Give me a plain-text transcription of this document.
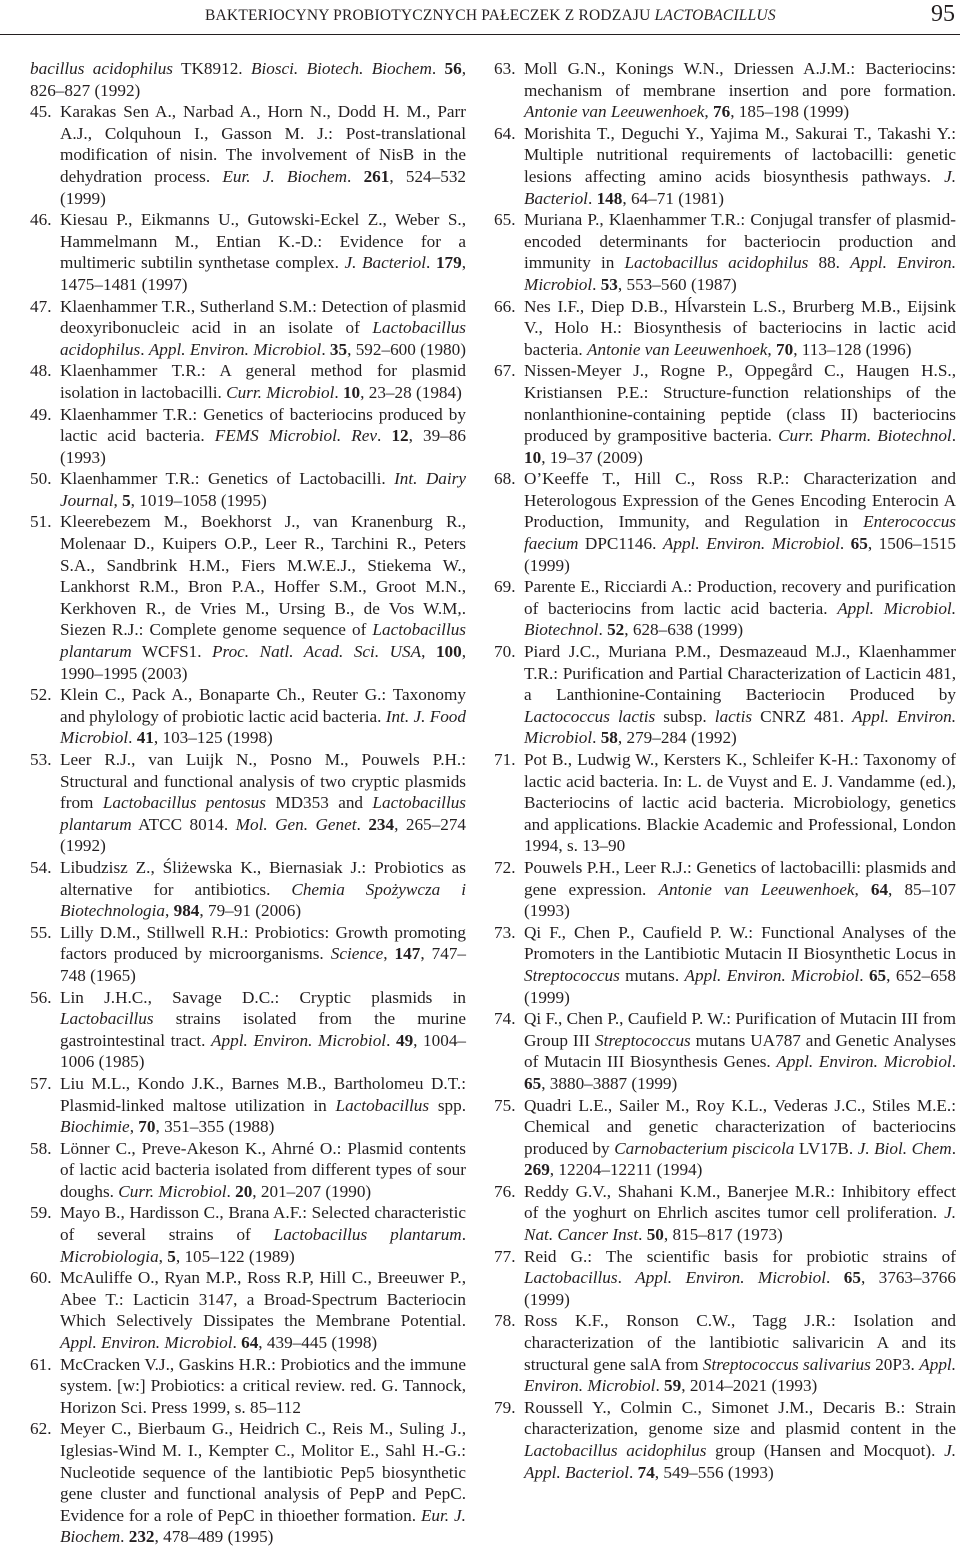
BAKTERIOCYNY PROBIOTYCZNYCH PAŁECZEK Z RODZAJU LACTOBACILLUS	95
bacillus acidophilus TK8912. Biosci. Biotech. Biochem. 56, 826–827 (1992)
45. Karakas Sen A., Narbad A., Horn N., Dodd H. M., Parr A.J., Colquhoun I., Gasson M. J.: Post-translational modification of nisin. The involvement of NisB in the dehydration process. Eur. J. Biochem. 261, 524–532 (1999)
46. Kiesau P., Eikmanns U., Gutowski-Eckel Z., Weber S., Hammelmann M., Entian K.-D.: Evidence for a multimeric subtilin synthetase complex. J. Bacteriol. 179, 1475–1481 (1997)
47. Klaenhammer T.R., Sutherland S.M.: Detection of plasmid deoxyribonucleic acid in an isolate of Lactobacillus acidophilus. Appl. Environ. Microbiol. 35, 592–600 (1980)
48. Klaenhammer T.R.: A general method for plasmid isolation in lactobacilli. Curr. Microbiol. 10, 23–28 (1984)
49. Klaenhammer T.R.: Genetics of bacteriocins produced by lactic acid bacteria. FEMS Microbiol. Rev. 12, 39–86 (1993)
50. Klaenhammer T.R.: Genetics of Lactobacilli. Int. Dairy Journal, 5, 1019–1058 (1995)
51. Kleerebezem M., Boekhorst J., van Kranenburg R., Molenaar D., Kuipers O.P., Leer R., Tarchini R., Peters S.A., Sandbrink H.M., Fiers M.W.E.J., Stiekema W., Lankhorst R.M., Bron P.A., Hoffer S.M., Groot M.N., Kerkhoven R., de Vries M., Ursing B., de Vos W.M,. Siezen R.J.: Complete genome sequence of Lactobacillus plantarum WCFS1. Proc. Natl. Acad. Sci. USA, 100, 1990–1995 (2003)
52. Klein C., Pack A., Bonaparte Ch., Reuter G.: Taxonomy and phylology of probiotic lactic acid bacteria. Int. J. Food Microbiol. 41, 103–125 (1998)
53. Leer R.J., van Luijk N., Posno M., Pouwels P.H.: Structural and functional analysis of two cryptic plasmids from Lactobacillus pentosus MD353 and Lactobacillus plantarum ATCC 8014. Mol. Gen. Genet. 234, 265–274 (1992)
54. Libudzisz Z., Śliżewska K., Biernasiak J.: Probiotics as alternative for antibiotics. Chemia Spożywcza i Biotechnologia, 984, 79–91 (2006)
55. Lilly D.M., Stillwell R.H.: Probiotics: Growth promoting factors produced by microorganisms. Science, 147, 747–748 (1965)
56. Lin J.H.C., Savage D.C.: Cryptic plasmids in Lactobacillus strains isolated from the murine gastrointestinal tract. Appl. Environ. Microbiol. 49, 1004–1006 (1985)
57. Liu M.L., Kondo J.K., Barnes M.B., Bartholomeu D.T.: Plasmid-linked maltose utilization in Lactobacillus spp. Biochimie, 70, 351–355 (1988)
58. Lönner C., Preve-Akeson K., Ahrné O.: Plasmid contents of lactic acid bacteria isolated from different types of sour doughs. Curr. Microbiol. 20, 201–207 (1990)
59. Mayo B., Hardisson C., Brana A.F.: Selected characteristic of several strains of Lactobacillus plantarum. Microbiologia, 5, 105–122 (1989)
60. McAuliffe O., Ryan M.P., Ross R.P, Hill C., Breeuwer P., Abee T.: Lacticin 3147, a Broad-Spectrum Bacteriocin Which Selectively Dissipates the Membrane Potential. Appl. Environ. Microbiol. 64, 439–445 (1998)
61. McCracken V.J., Gaskins H.R.: Probiotics and the immune system. [w:] Probiotics: a critical review. red. G. Tannock, Horizon Sci. Press 1999, s. 85–112
62. Meyer C., Bierbaum G., Heidrich C., Reis M., Suling J., Iglesias-Wind M. I., Kempter C., Molitor E., Sahl H.-G.: Nucleotide sequence of the lantibiotic Pep5 biosynthetic gene cluster and functional analysis of PepP and PepC. Evidence for a role of PepC in thioether formation. Eur. J. Biochem. 232, 478–489 (1995)
63. Moll G.N., Konings W.N., Driessen A.J.M.: Bacteriocins: mechanism of membrane insertion and pore formation. Antonie van Leeuwenhoek, 76, 185–198 (1999)
64. Morishita T., Deguchi Y., Yajima M., Sakurai T., Takashi Y.: Multiple nutritional requirements of lactobacilli: genetic lesions affecting amino acids biosynthesis pathways. J. Bacteriol. 148, 64–71 (1981)
65. Muriana P., Klaenhammer T.R.: Conjugal transfer of plasmid-encoded determinants for bacteriocin production and immunity in Lactobacillus acidophilus 88. Appl. Environ. Microbiol. 53, 553–560 (1987)
66. Nes I.F., Diep D.B., Hĺvarstein L.S., Brurberg M.B., Eijsink V., Holo H.: Biosynthesis of bacteriocins in lactic acid bacteria. Antonie van Leeuwenhoek, 70, 113–128 (1996)
67. Nissen-Meyer J., Rogne P., Oppegård C., Haugen H.S., Kristiansen P.E.: Structure-function relationships of the nonlanthionine-containing peptide (class II) bacteriocins produced by grampositive bacteria. Curr. Pharm. Biotechnol. 10, 19–37 (2009)
68. O’Keeffe T., Hill C., Ross R.P.: Characterization and Heterologous Expression of the Genes Encoding Enterocin A Production, Immunity, and Regulation in Enterococcus faecium DPC1146. Appl. Environ. Microbiol. 65, 1506–1515 (1999)
69. Parente E., Ricciardi A.: Production, recovery and purification of bacteriocins from lactic acid bacteria. Appl. Microbiol. Biotechnol. 52, 628–638 (1999)
70. Piard J.C., Muriana P.M., Desmazeaud M.J., Klaenhammer T.R.: Purification and Partial Characterization of Lacticin 481, a Lanthionine-Containing Bacteriocin Produced by Lactococcus lactis subsp. lactis CNRZ 481. Appl. Environ. Microbiol. 58, 279–284 (1992)
71. Pot B., Ludwig W., Kersters K., Schleifer K-H.: Taxonomy of lactic acid bacteria. In: L. de Vuyst and E. J. Vandamme (ed.), Bacteriocins of lactic acid bacteria. Microbiology, genetics and applications. Blackie Academic and Professional, London 1994, s. 13–90
72. Pouwels P.H., Leer R.J.: Genetics of lactobacilli: plasmids and gene expression. Antonie van Leeuwenhoek, 64, 85–107 (1993)
73. Qi F., Chen P., Caufield P. W.: Functional Analyses of the Promoters in the Lantibiotic Mutacin II Biosynthetic Locus in Streptococcus mutans. Appl. Environ. Microbiol. 65, 652–658 (1999)
74. Qi F., Chen P., Caufield P. W.: Purification of Mutacin III from Group III Streptococcus mutans UA787 and Genetic Analyses of Mutacin III Biosynthesis Genes. Appl. Environ. Microbiol. 65, 3880–3887 (1999)
75. Quadri L.E., Sailer M., Roy K.L., Vederas J.C., Stiles M.E.: Chemical and genetic characterization of bacteriocins produced by Carnobacterium piscicola LV17B. J. Biol. Chem. 269, 12204–12211 (1994)
76. Reddy G.V., Shahani K.M., Banerjee M.R.: Inhibitory effect of the yoghurt on Ehrlich ascites tumor cell proliferation. J. Nat. Cancer Inst. 50, 815–817 (1973)
77. Reid G.: The scientific basis for probiotic strains of Lactobacillus. Appl. Environ. Microbiol. 65, 3763–3766 (1999)
78. Ross K.F., Ronson C.W., Tagg J.R.: Isolation and characterization of the lantibiotic salivaricin A and its structural gene salA from Streptococcus salivarius 20P3. Appl. Environ. Microbiol. 59, 2014–2021 (1993)
79. Roussell Y., Colmin C., Simonet J.M., Decaris B.: Strain characterization, genome size and plasmid content in the Lactobacillus acidophilus group (Hansen and Mocquot). J. Appl. Bacteriol. 74, 549–556 (1993)
